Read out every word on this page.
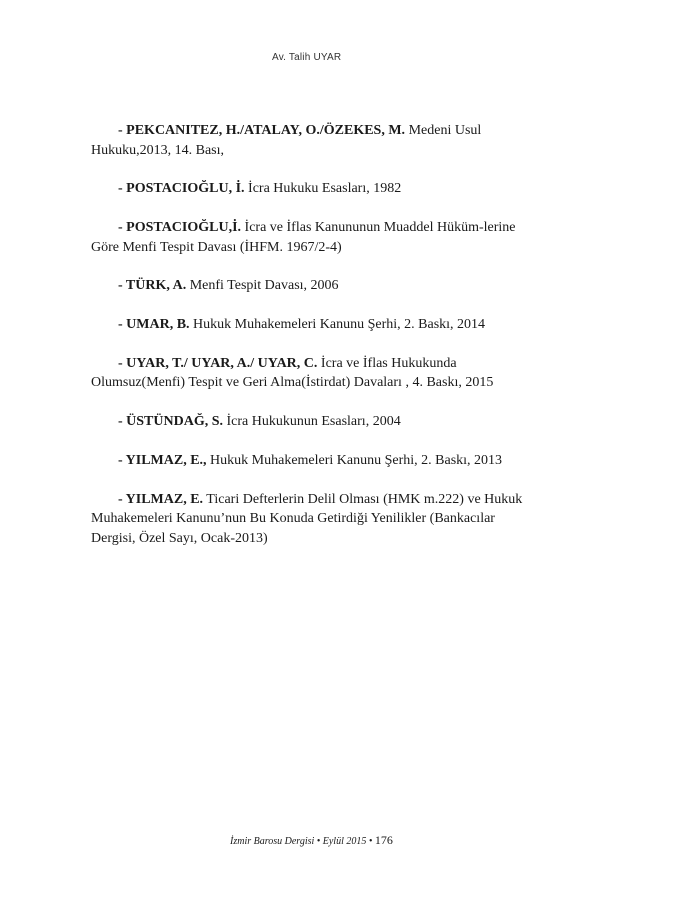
Av. Talih UYAR

- PEKCANITEZ, H./ATALAY, O./ÖZEKES, M. Medeni Usul Hukuku,2013, 14. Bası,

- POSTACIOĞLU, İ. İcra Hukuku Esasları, 1982

- POSTACIOĞLU,İ. İcra ve İflas Kanununun Muaddel Hüküm-lerine Göre Menfi Tespit Davası (İHFM. 1967/2-4)

- TÜRK, A. Menfi Tespit Davası, 2006

- UMAR, B. Hukuk Muhakemeleri Kanunu Şerhi, 2. Baskı, 2014

- UYAR, T./ UYAR, A./ UYAR, C. İcra ve İflas Hukukunda Olumsuz(Menfi) Tespit ve Geri Alma(İstirdat) Davaları , 4. Baskı, 2015

- ÜSTÜNDAĞ, S. İcra Hukukunun Esasları, 2004

- YILMAZ, E., Hukuk Muhakemeleri Kanunu Şerhi, 2. Baskı, 2013

- YILMAZ, E. Ticari Defterlerin Delil Olması (HMK m.222) ve Hukuk Muhakemeleri Kanunu’nun Bu Konuda Getirdiği Yenilikler (Bankacılar Dergisi, Özel Sayı, Ocak-2013)

İzmir Barosu Dergisi • Eylül 2015 • 176
